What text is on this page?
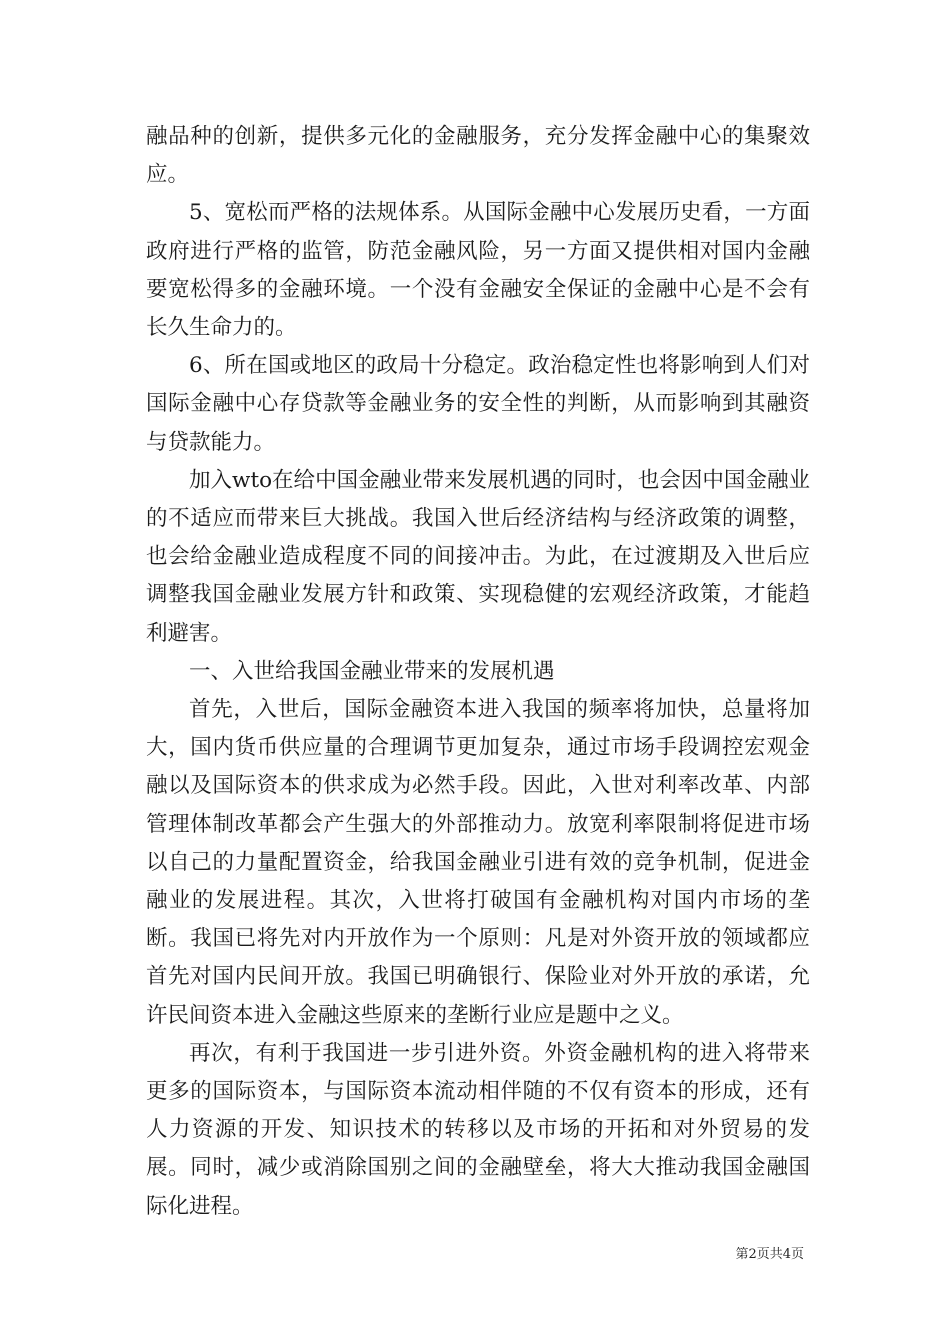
融品种的创新，提供多元化的金融服务，充分发挥金融中心的集聚效应。

5、宽松而严格的法规体系。从国际金融中心发展历史看，一方面政府进行严格的监管，防范金融风险，另一方面又提供相对国内金融要宽松得多的金融环境。一个没有金融安全保证的金融中心是不会有长久生命力的。

6、所在国或地区的政局十分稳定。政治稳定性也将影响到人们对国际金融中心存贷款等金融业务的安全性的判断，从而影响到其融资与贷款能力。

加入wto在给中国金融业带来发展机遇的同时，也会因中国金融业的不适应而带来巨大挑战。我国入世后经济结构与经济政策的调整，也会给金融业造成程度不同的间接冲击。为此，在过渡期及入世后应调整我国金融业发展方针和政策、实现稳健的宏观经济政策，才能趋利避害。

一、入世给我国金融业带来的发展机遇

首先，入世后，国际金融资本进入我国的频率将加快，总量将加大，国内货币供应量的合理调节更加复杂，通过市场手段调控宏观金融以及国际资本的供求成为必然手段。因此，入世对利率改革、内部管理体制改革都会产生强大的外部推动力。放宽利率限制将促进市场以自己的力量配置资金，给我国金融业引进有效的竞争机制，促进金融业的发展进程。其次，入世将打破国有金融机构对国内市场的垄断。我国已将先对内开放作为一个原则：凡是对外资开放的领域都应首先对国内民间开放。我国已明确银行、保险业对外开放的承诺，允许民间资本进入金融这些原来的垄断行业应是题中之义。

再次，有利于我国进一步引进外资。外资金融机构的进入将带来更多的国际资本，与国际资本流动相伴随的不仅有资本的形成，还有人力资源的开发、知识技术的转移以及市场的开拓和对外贸易的发展。同时，减少或消除国别之间的金融壁垒，将大大推动我国金融国际化进程。

第2页共4页
